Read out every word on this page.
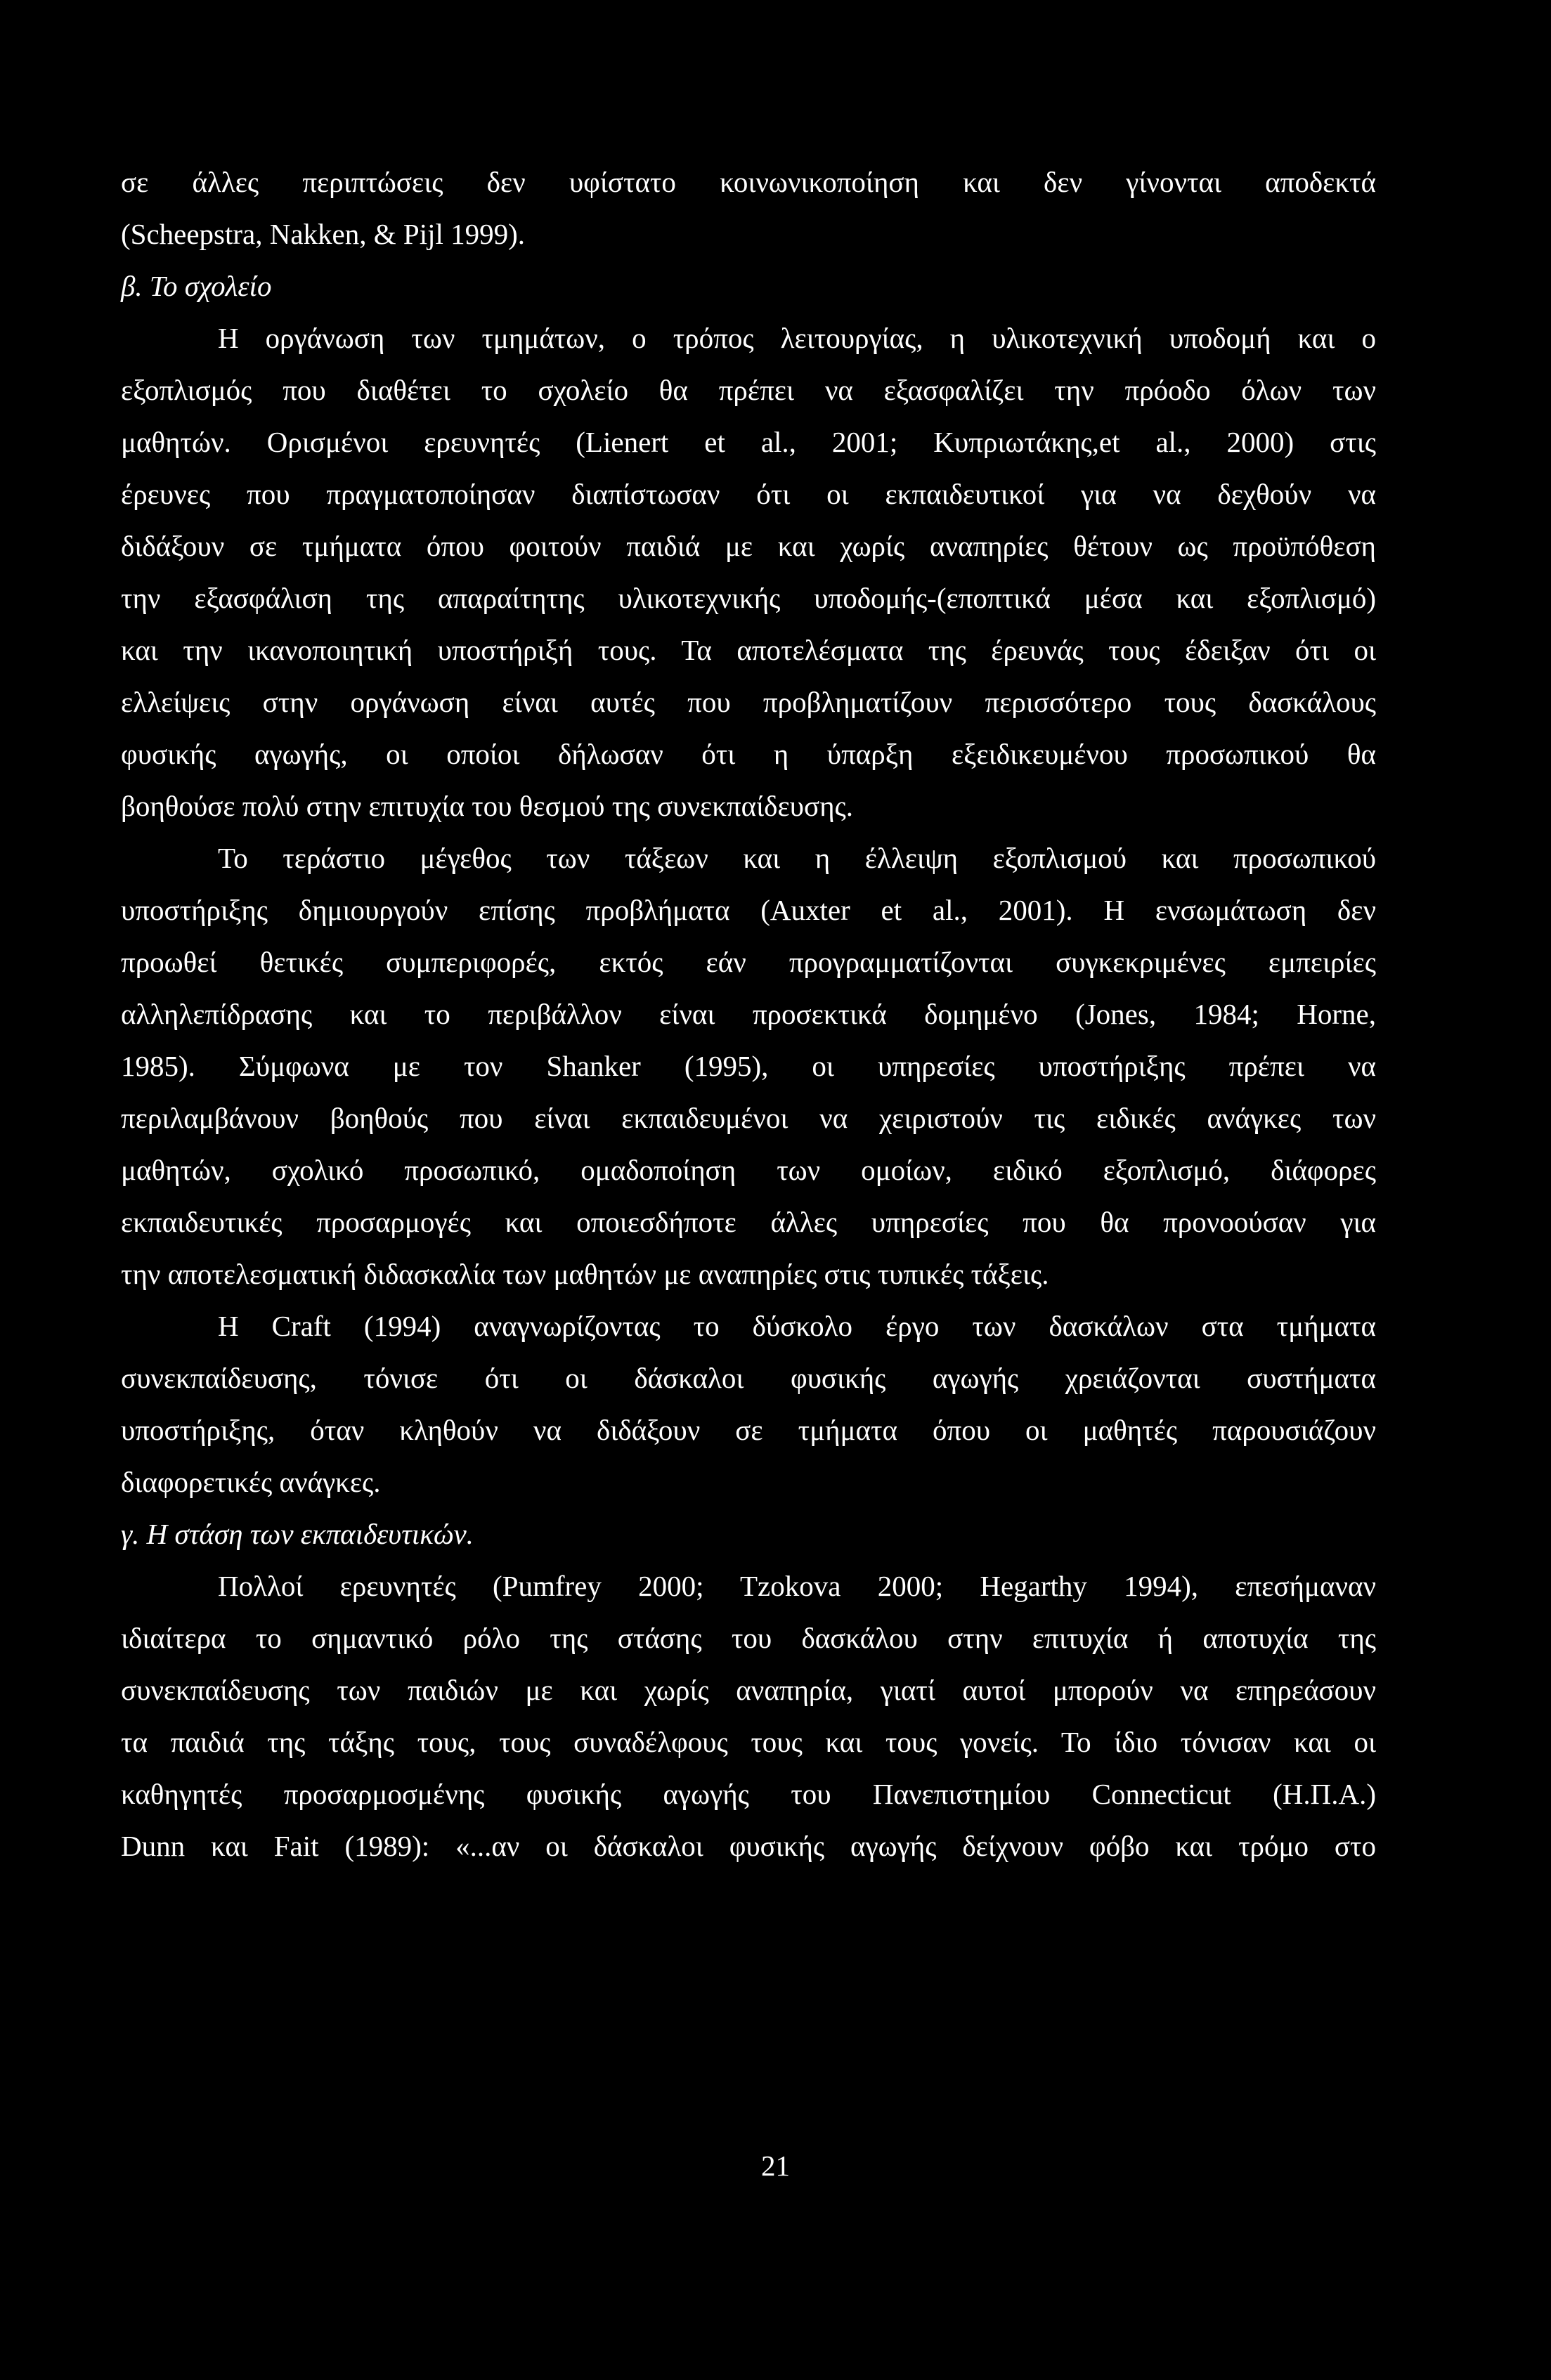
σε άλλες περιπτώσεις δεν υφίστατο κοινωνικοποίηση και δεν γίνονται αποδεκτά
(Scheepstra, Nakken, & Pijl 1999).
β. Το σχολείο
Η οργάνωση των τμημάτων, ο τρόπος λειτουργίας, η υλικοτεχνική υποδομή και ο
εξοπλισμός που διαθέτει το σχολείο θα πρέπει να εξασφαλίζει την πρόοδο όλων των
μαθητών. Ορισμένοι ερευνητές (Lienert et al., 2001; Κυπριωτάκης,et al., 2000) στις
έρευνες που πραγματοποίησαν διαπίστωσαν ότι οι εκπαιδευτικοί για να δεχθούν να
διδάξουν σε τμήματα όπου φοιτούν παιδιά με και χωρίς αναπηρίες θέτουν ως προϋπόθεση
την εξασφάλιση της απαραίτητης υλικοτεχνικής υποδομής-(εποπτικά μέσα και εξοπλισμό)
και την ικανοποιητική υποστήριξή τους. Τα αποτελέσματα της έρευνάς τους έδειξαν ότι οι
ελλείψεις στην οργάνωση είναι αυτές που προβληματίζουν περισσότερο τους δασκάλους
φυσικής αγωγής, οι οποίοι δήλωσαν ότι η ύπαρξη εξειδικευμένου προσωπικού θα
βοηθούσε πολύ στην επιτυχία του θεσμού της συνεκπαίδευσης.
Το τεράστιο μέγεθος των τάξεων και η έλλειψη εξοπλισμού και προσωπικού
υποστήριξης δημιουργούν επίσης προβλήματα (Auxter et al., 2001). Η ενσωμάτωση δεν
προωθεί θετικές συμπεριφορές, εκτός εάν προγραμματίζονται συγκεκριμένες εμπειρίες
αλληλεπίδρασης και το περιβάλλον είναι προσεκτικά δομημένο (Jones, 1984; Horne,
1985). Σύμφωνα με τον Shanker (1995), οι υπηρεσίες υποστήριξης πρέπει να
περιλαμβάνουν βοηθούς που είναι εκπαιδευμένοι να χειριστούν τις ειδικές ανάγκες των
μαθητών, σχολικό προσωπικό, ομαδοποίηση των ομοίων, ειδικό εξοπλισμό, διάφορες
εκπαιδευτικές προσαρμογές και οποιεσδήποτε άλλες υπηρεσίες που θα προνοούσαν για
την αποτελεσματική διδασκαλία των μαθητών με αναπηρίες στις τυπικές τάξεις.
Η Craft (1994) αναγνωρίζοντας το δύσκολο έργο των δασκάλων στα τμήματα
συνεκπαίδευσης, τόνισε ότι οι δάσκαλοι φυσικής αγωγής χρειάζονται συστήματα
υποστήριξης, όταν κληθούν να διδάξουν σε τμήματα όπου οι μαθητές παρουσιάζουν
διαφορετικές ανάγκες.
γ. Η στάση των εκπαιδευτικών.
Πολλοί ερευνητές (Pumfrey 2000; Tzokova 2000; Hegarthy 1994), επεσήμαναν
ιδιαίτερα το σημαντικό ρόλο της στάσης του δασκάλου στην επιτυχία ή αποτυχία της
συνεκπαίδευσης των παιδιών με και χωρίς αναπηρία, γιατί αυτοί μπορούν να επηρεάσουν
τα παιδιά της τάξης τους, τους συναδέλφους τους και τους γονείς. Το ίδιο τόνισαν και οι
καθηγητές προσαρμοσμένης φυσικής αγωγής του Πανεπιστημίου Connecticut (Η.Π.Α.)
Dunn και Fait (1989): «...αν οι δάσκαλοι φυσικής αγωγής δείχνουν φόβο και τρόμο στο
21
